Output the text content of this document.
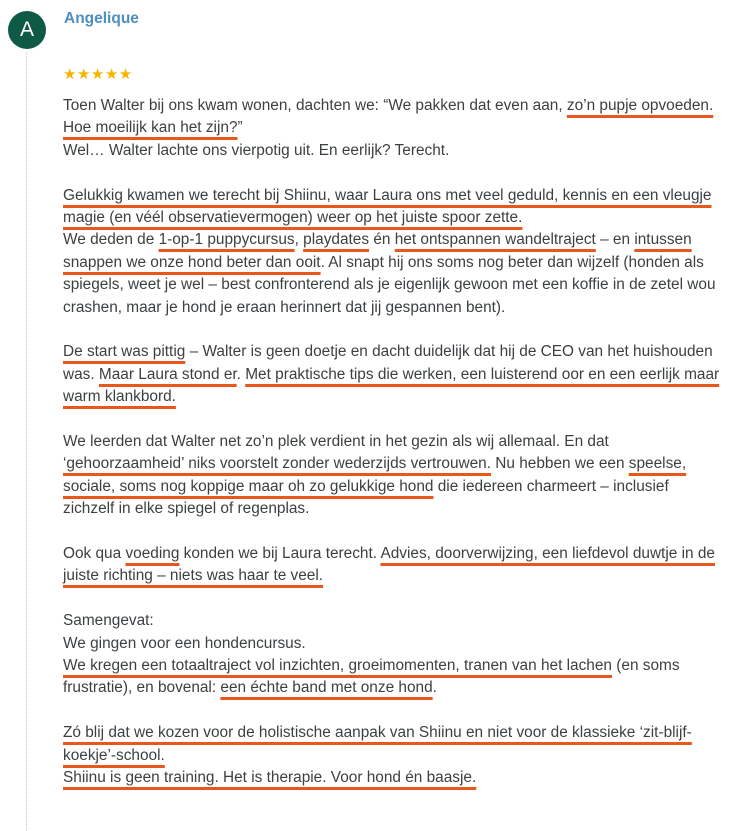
A	Angelique
★★★★★

Toen Walter bij ons kwam wonen, dachten we: “We pakken dat even aan, zo’n pupje opvoeden. Hoe moeilijk kan het zijn?”
Wel… Walter lachte ons vierpotig uit. En eerlijk? Terecht.

Gelukkig kwamen we terecht bij Shiinu, waar Laura ons met veel geduld, kennis en een vleugje magie (en véél observatievermogen) weer op het juiste spoor zette.
We deden de 1-op-1 puppycursus, playdates én het ontspannen wandeltraject – en intussen snappen we onze hond beter dan ooit. Al snapt hij ons soms nog beter dan wijzelf (honden als spiegels, weet je wel – best confronterend als je eigenlijk gewoon met een koffie in de zetel wou crashen, maar je hond je eraan herinnert dat jij gespannen bent).

De start was pittig – Walter is geen doetje en dacht duidelijk dat hij de CEO van het huishouden was. Maar Laura stond er. Met praktische tips die werken, een luisterend oor en een eerlijk maar warm klankbord.

We leerden dat Walter net zo’n plek verdient in het gezin als wij allemaal. En dat ‘gehoorzaamheid’ niks voorstelt zonder wederzijds vertrouwen. Nu hebben we een speelse, sociale, soms nog koppige maar oh zo gelukkige hond die iedereen charmeert – inclusief zichzelf in elke spiegel of regenplas.

Ook qua voeding konden we bij Laura terecht. Advies, doorverwijzing, een liefdevol duwtje in de juiste richting – niets was haar te veel.

Samengevat:
We gingen voor een hondencursus.
We kregen een totaaltraject vol inzichten, groeimomenten, tranen van het lachen (en soms frustratie), en bovenal: een échte band met onze hond.

Zó blij dat we kozen voor de holistische aanpak van Shiinu en niet voor de klassieke ‘zit-blijf-koekje’-school.
Shiinu is geen training. Het is therapie. Voor hond én baasje.
